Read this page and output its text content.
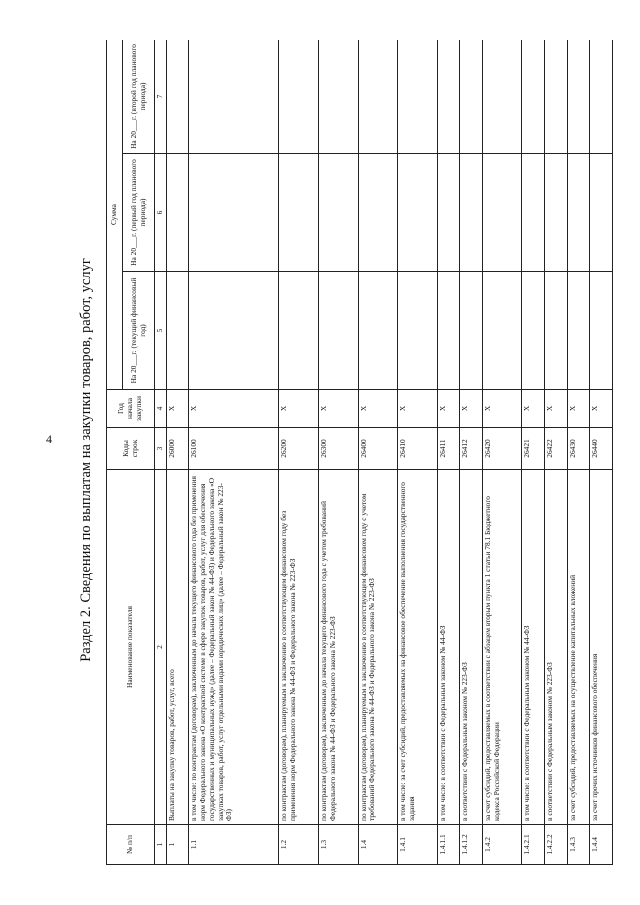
4 Раздел 2. Сведения по выплатам на закупки товаров, работ, услуг
№ п/п	Наименование показателя	Коды строк	Год начала закупки	Сумма		
				На 20___г. (текущий финансовый год)	На 20___г. (первый год планового периода)	На 20___г. (второй год планового периода)
1	2	3	4	5	6	7
1	Выплаты на закупку товаров, работ, услуг, всего	26000	X			
1.1	в том числе: по контрактам (договорам), заключенным до начала текущего финансового года без применения норм Федерального закона «О контрактной системе в сфере закупок товаров, работ, услуг для обеспечения государственных и муниципальных нужд» (далее – Федеральный закон № 44-ФЗ) и Федерального закона «О закупках товаров, работ, услуг отдельными видами юридических лиц» (далее – Федеральный закон № 223-ФЗ)	26100	X			
1.2	по контрактам (договорам), планируемым к заключению в соответствующем финансовом году без применения норм Федерального закона № 44-ФЗ и Федерального закона № 223-ФЗ	26200	X			
1.3	по контрактам (договорам), заключенным до начала текущего финансового года с учетом требований Федерального закона № 44-ФЗ и Федерального закона № 223-ФЗ	26300	X			
1.4	по контрактам (договорам), планируемым к заключению в соответствующем финансовом году с учетом требований Федерального закона № 44-ФЗ и Федерального закона № 223-ФЗ	26400	X			
1.4.1	в том числе: за счет субсидий, предоставляемых на финансовое обеспечение выполнения государственного задания	26410	X			
1.4.1.1	в том числе: в соответствии с Федеральным законом № 44-ФЗ	26411	X			
1.4.1.2	в соответствии с Федеральным законом № 223-ФЗ	26412	X			
1.4.2	за счет субсидий, предоставляемых в соответствии с абзацем вторым пункта 1 статьи 78.1 Бюджетного кодекса Российской Федерации	26420	X			
1.4.2.1	в том числе: в соответствии с Федеральным законом № 44-ФЗ	26421	X			
1.4.2.2	в соответствии с Федеральным законом № 223-ФЗ	26422	X			
1.4.3	за счет субсидий, предоставляемых на осуществление капитальных вложений	26430	X			
1.4.4	за счет прочих источников финансового обеспечения	26440	X			
